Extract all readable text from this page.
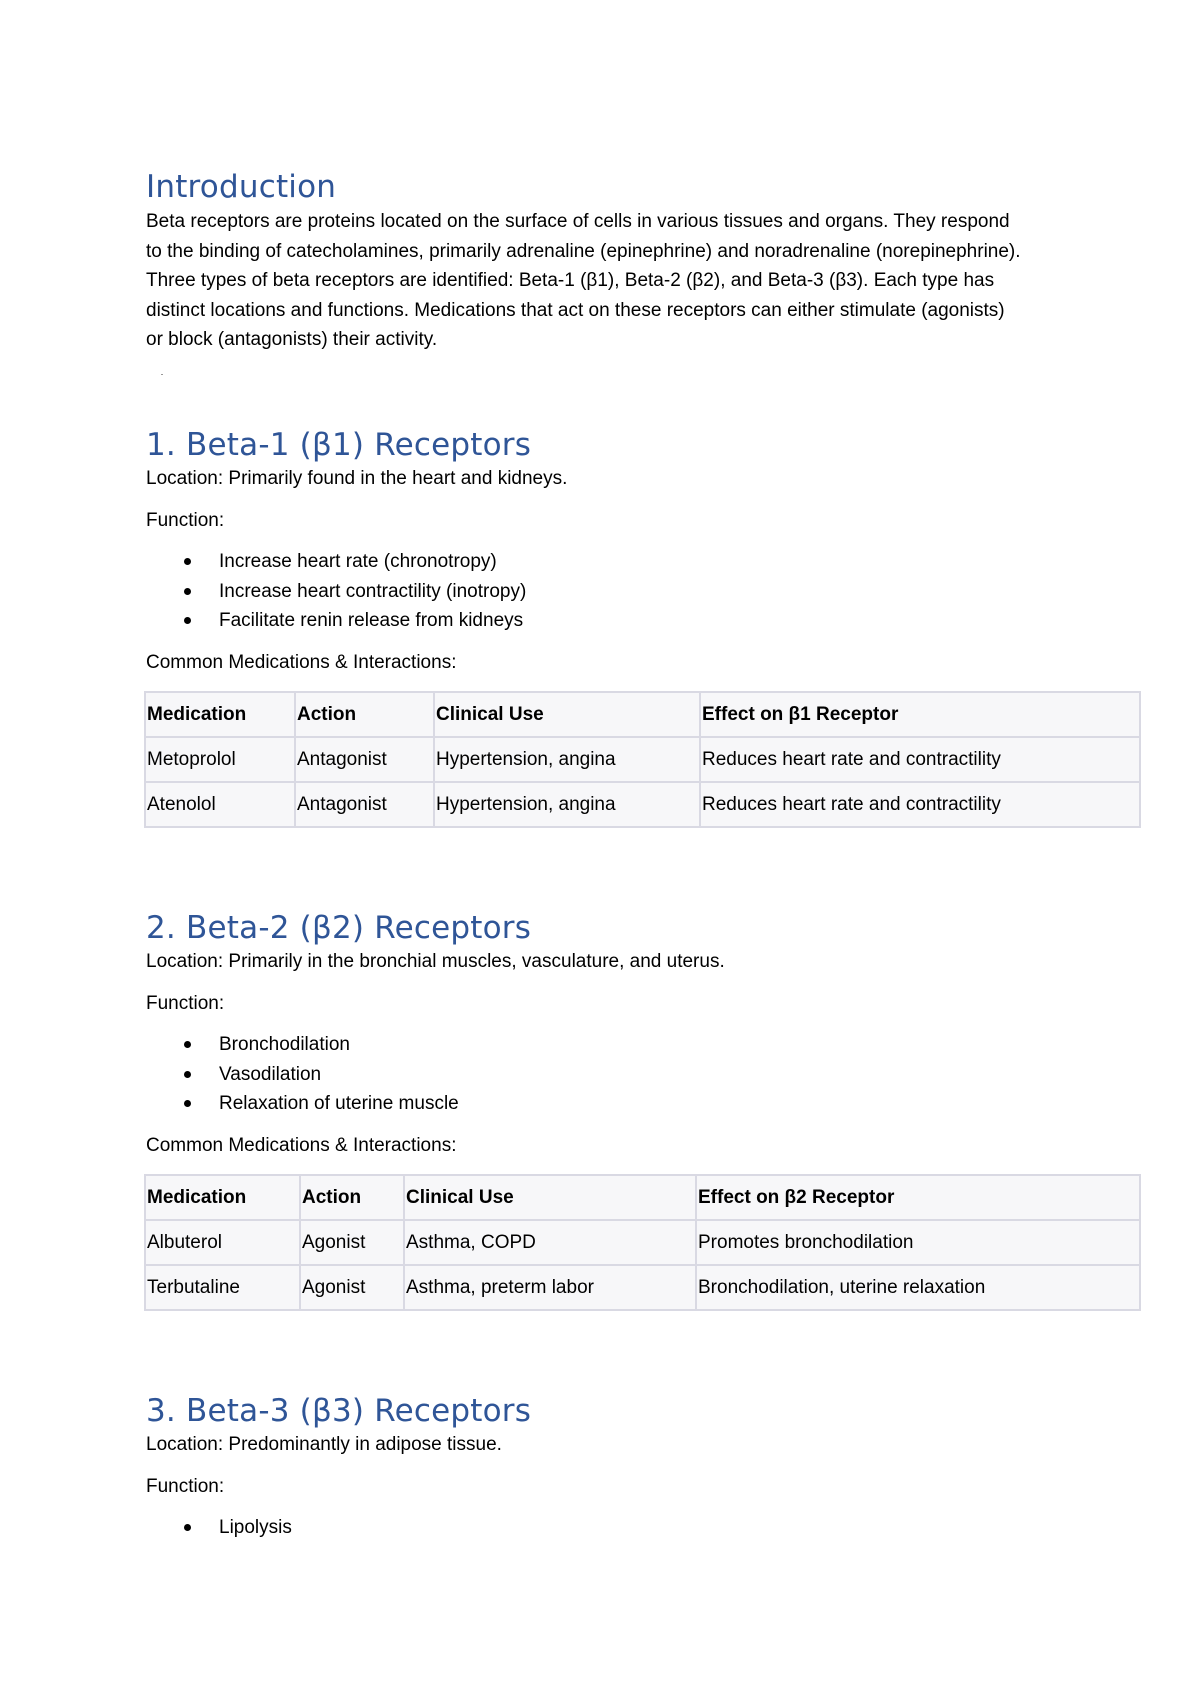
Introduction

Beta receptors are proteins located on the surface of cells in various tissues and organs. They respond to the binding of catecholamines, primarily adrenaline (epinephrine) and noradrenaline (norepinephrine). Three types of beta receptors are identified: Beta-1 (β1), Beta-2 (β2), and Beta-3 (β3). Each type has distinct locations and functions. Medications that act on these receptors can either stimulate (agonists) or block (antagonists) their activity.

1. Beta-1 (β1) Receptors

Location: Primarily found in the heart and kidneys.

Function:

Increase heart rate (chronotropy)
Increase heart contractility (inotropy)
Facilitate renin release from kidneys

Common Medications & Interactions:

Medication	Action	Clinical Use	Effect on β1 Receptor
Metoprolol	Antagonist	Hypertension, angina	Reduces heart rate and contractility
Atenolol	Antagonist	Hypertension, angina	Reduces heart rate and contractility
2. Beta-2 (β2) Receptors

Location: Primarily in the bronchial muscles, vasculature, and uterus.

Function:

Bronchodilation
Vasodilation
Relaxation of uterine muscle

Common Medications & Interactions:

Medication	Action	Clinical Use	Effect on β2 Receptor
Albuterol	Agonist	Asthma, COPD	Promotes bronchodilation
Terbutaline	Agonist	Asthma, preterm labor	Bronchodilation, uterine relaxation
3. Beta-3 (β3) Receptors

Location: Predominantly in adipose tissue.

Function:

Lipolysis
